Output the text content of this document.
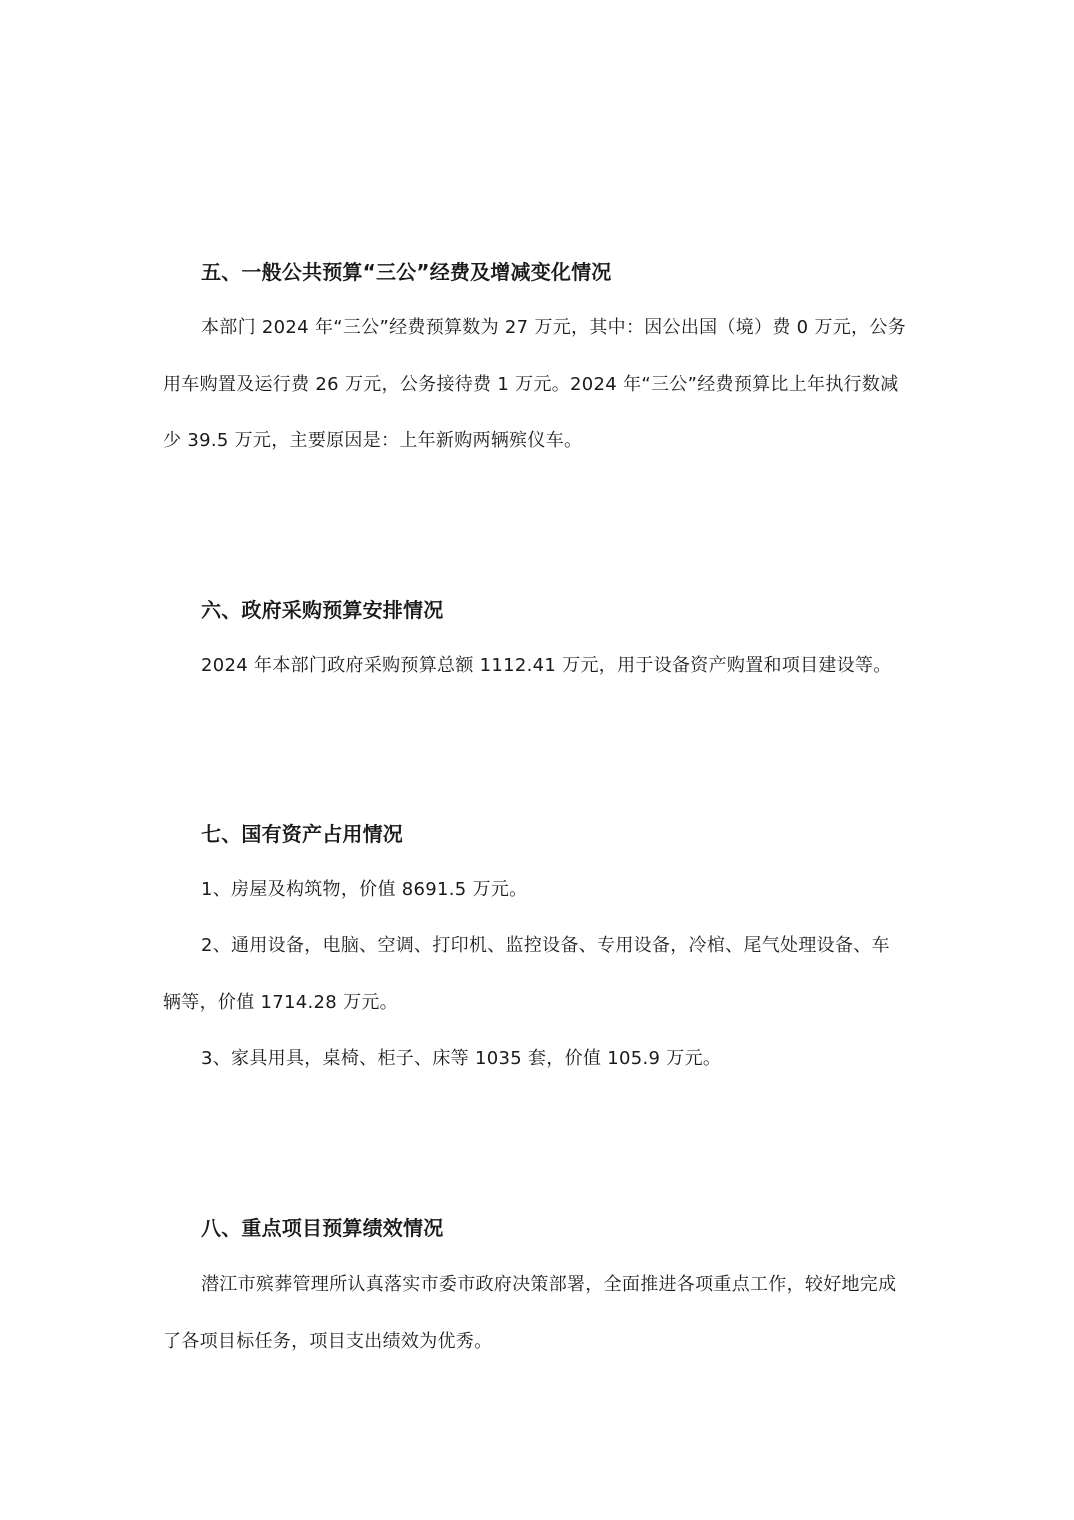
五、一般公共预算“三公”经费及增减变化情况
本部门 2024 年“三公”经费预算数为 27 万元，其中：因公出国（境）费 0 万元，公务
用车购置及运行费 26 万元，公务接待费 1 万元。2024 年“三公”经费预算比上年执行数减
少 39.5 万元，主要原因是：上年新购两辆殡仪车。
六、政府采购预算安排情况
2024 年本部门政府采购预算总额 1112.41 万元，用于设备资产购置和项目建设等。
七、国有资产占用情况
1、房屋及构筑物，价值 8691.5 万元。
2、通用设备，电脑、空调、打印机、监控设备、专用设备，冷棺、尾气处理设备、车
辆等，价值 1714.28 万元。
3、家具用具，桌椅、柜子、床等 1035 套，价值 105.9 万元。
八、重点项目预算绩效情况
潜江市殡葬管理所认真落实市委市政府决策部署，全面推进各项重点工作，较好地完成
了各项目标任务，项目支出绩效为优秀。
